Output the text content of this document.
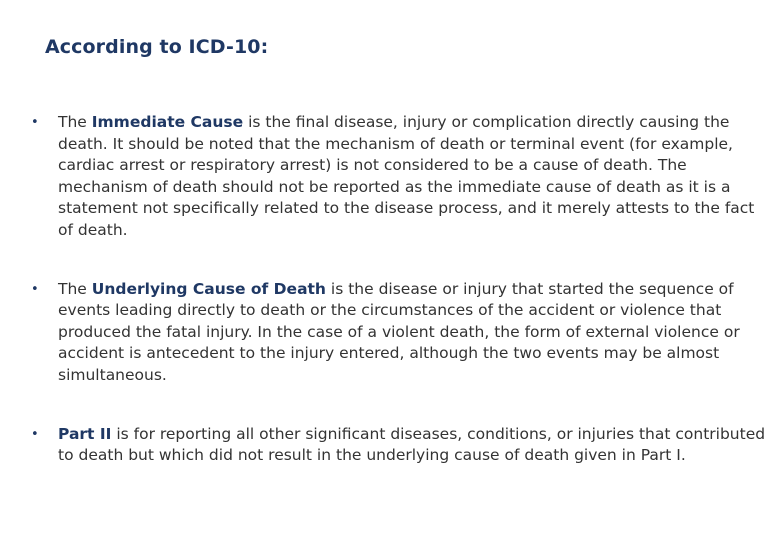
According to ICD-10:
• The Immediate Cause is the final disease, injury or complication directly causing the death. It should be noted that the mechanism of death or terminal event (for example, cardiac arrest or respiratory arrest) is not considered to be a cause of death. The mechanism of death should not be reported as the immediate cause of death as it is a statement not specifically related to the disease process, and it merely attests to the fact of death.
• The Underlying Cause of Death is the disease or injury that started the sequence of events leading directly to death or the circumstances of the accident or violence that produced the fatal injury. In the case of a violent death, the form of external violence or accident is antecedent to the injury entered, although the two events may be almost simultaneous.
• Part II is for reporting all other significant diseases, conditions, or injuries that contributed to death but which did not result in the underlying cause of death given in Part I.
